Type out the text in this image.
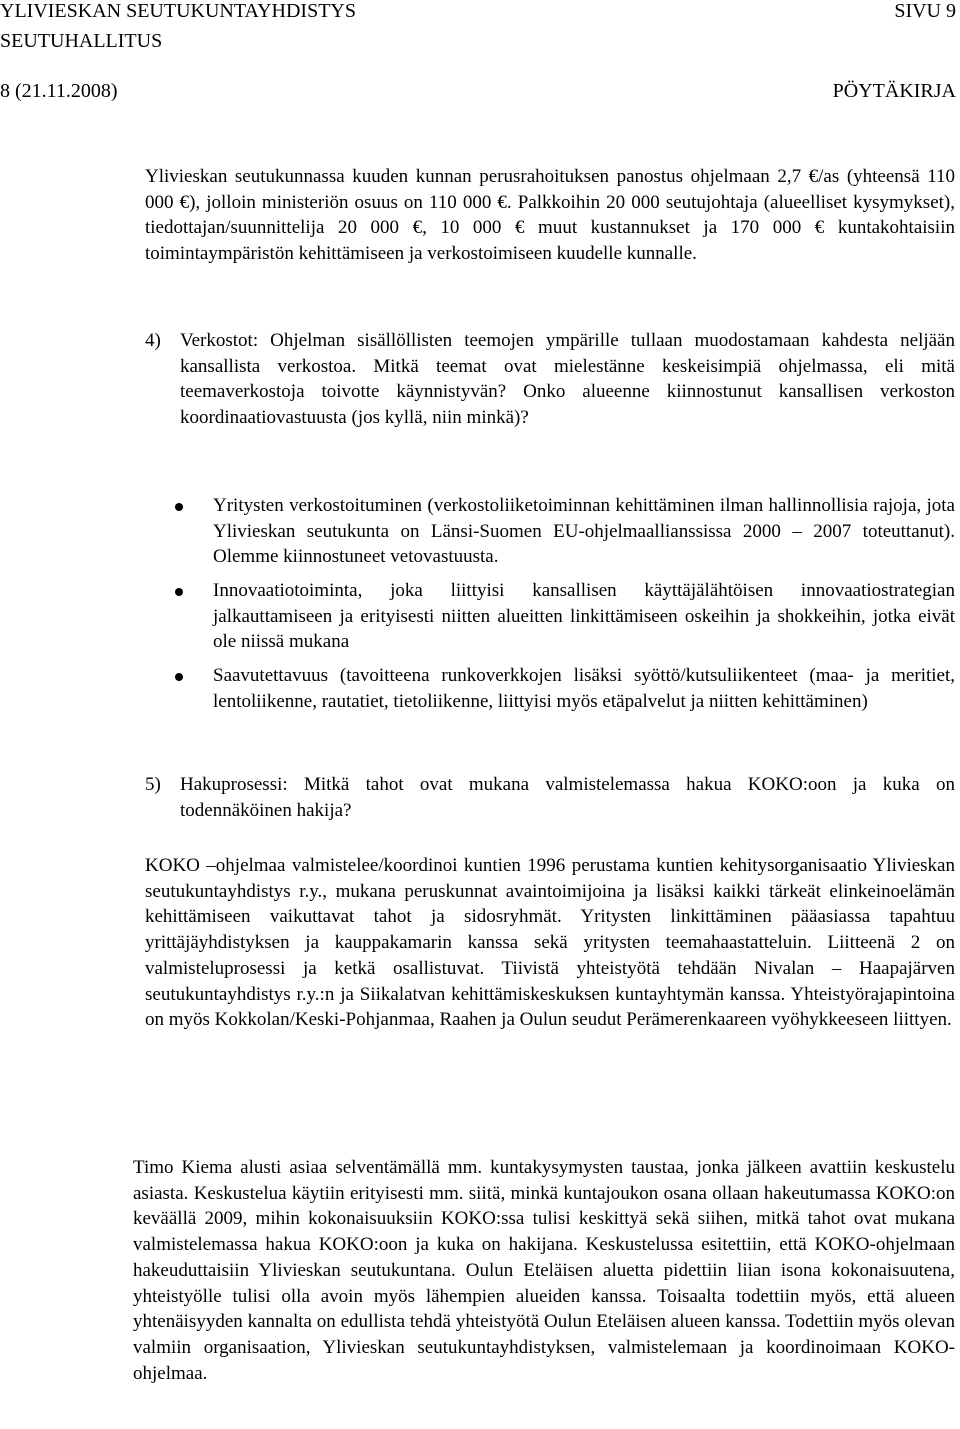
YLIVIESKAN SEUTUKUNTAYHDISTYS	SIVU 9
SEUTUHALLITUS
8 (21.11.2008)	PÖYTÄKIRJA

Ylivieskan seutukunnassa kuuden kunnan perusrahoituksen panostus ohjelmaan 2,7 €/as (yhteensä 110 000 €), jolloin ministeriön osuus on 110 000 €. Palkkoihin 20 000 seutujohtaja (alueelliset kysymykset), tiedottajan/suunnittelija 20 000 €, 10 000 € muut kustannukset ja 170 000 € kuntakohtaisiin toimintaympäristön kehittämiseen ja verkostoimiseen kuudelle kunnalle.

4) Verkostot: Ohjelman sisällöllisten teemojen ympärille tullaan muodostamaan kahdesta neljään kansallista verkostoa. Mitkä teemat ovat mielestänne keskeisimpiä ohjelmassa, eli mitä teemaverkostoja toivotte käynnistyvän? Onko alueenne kiinnostunut kansallisen verkoston koordinaatiovastuusta (jos kyllä, niin minkä)?

Yritysten verkostoituminen (verkostoliiketoiminnan kehittäminen ilman hallinnollisia rajoja, jota Ylivieskan seutukunta on Länsi-Suomen EU-ohjelmaallianssissa 2000 – 2007 toteuttanut). Olemme kiinnostuneet vetovastuusta.

Innovaatiotoiminta, joka liittyisi kansallisen käyttäjälähtöisen innovaatiostrategian jalkauttamiseen ja erityisesti niitten alueitten linkittämiseen oskeihin ja shokkeihin, jotka eivät ole niissä mukana

Saavutettavuus (tavoitteena runkoverkkojen lisäksi syöttö/kutsuliikenteet (maa- ja meritiet, lentoliikenne, rautatiet, tietoliikenne, liittyisi myös etäpalvelut ja niitten kehittäminen)

5) Hakuprosessi: Mitkä tahot ovat mukana valmistelemassa hakua KOKO:oon ja kuka on todennäköinen hakija?

KOKO –ohjelmaa valmistelee/koordinoi kuntien 1996 perustama kuntien kehitysorganisaatio Ylivieskan seutukuntayhdistys r.y., mukana peruskunnat avaintoimijoina ja lisäksi kaikki tärkeät elinkeinoelämän kehittämiseen vaikuttavat tahot ja sidosryhmät. Yritysten linkittäminen pääasiassa tapahtuu yrittäjäyhdistyksen ja kauppakamarin kanssa sekä yritysten teemahaastatteluin. Liitteenä 2 on valmisteluprosessi ja ketkä osallistuvat. Tiivistä yhteistyötä tehdään Nivalan – Haapajärven seutukuntayhdistys r.y.:n ja Siikalatvan kehittämiskeskuksen kuntayhtymän kanssa. Yhteistyörajapintoina on myös Kokkolan/Keski-Pohjanmaa, Raahen ja Oulun seudut Perämerenkaareen vyöhykkeeseen liittyen.

Timo Kiema alusti asiaa selventämällä mm. kuntakysymysten taustaa, jonka jälkeen avattiin keskustelu asiasta. Keskustelua käytiin erityisesti mm. siitä, minkä kuntajoukon osana ollaan hakeutumassa KOKO:on keväällä 2009, mihin kokonaisuuksiin KOKO:ssa tulisi keskittyä sekä siihen, mitkä tahot ovat mukana valmistelemassa hakua KOKO:oon ja kuka on hakijana. Keskustelussa esitettiin, että KOKO-ohjelmaan hakeuduttaisiin Ylivieskan seutukuntana. Oulun Eteläisen aluetta pidettiin liian isona kokonaisuutena, yhteistyölle tulisi olla avoin myös lähempien alueiden kanssa. Toisaalta todettiin myös, että alueen yhtenäisyyden kannalta on edullista tehdä yhteistyötä Oulun Eteläisen alueen kanssa. Todettiin myös olevan valmiin organisaation, Ylivieskan seutukuntayhdistyksen, valmistelemaan ja koordinoimaan KOKO-ohjelmaa.
